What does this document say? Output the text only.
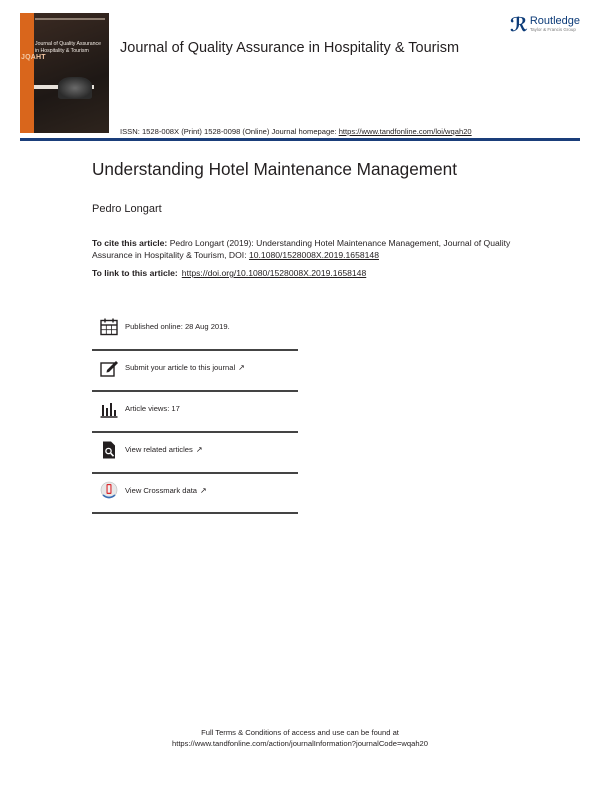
JQAHT
Journal of Quality Assurance in Hospitality & Tourism	Journal of Quality Assurance in Hospitality & Tourism
ℛ Routledge
Taylor & Francis Group
ISSN: 1528-008X (Print) 1528-0098 (Online) Journal homepage: https://www.tandfonline.com/loi/wqah20
Understanding Hotel Maintenance Management
Pedro Longart
To cite this article: Pedro Longart (2019): Understanding Hotel Maintenance Management, Journal of Quality Assurance in Hospitality & Tourism, DOI: 10.1080/1528008X.2019.1658148
To link to this article: https://doi.org/10.1080/1528008X.2019.1658148
Published online: 28 Aug 2019.
Submit your article to this journal ↗
Article views: 17
View related articles ↗
View Crossmark data ↗
Full Terms & Conditions of access and use can be found at
https://www.tandfonline.com/action/journalInformation?journalCode=wqah20
